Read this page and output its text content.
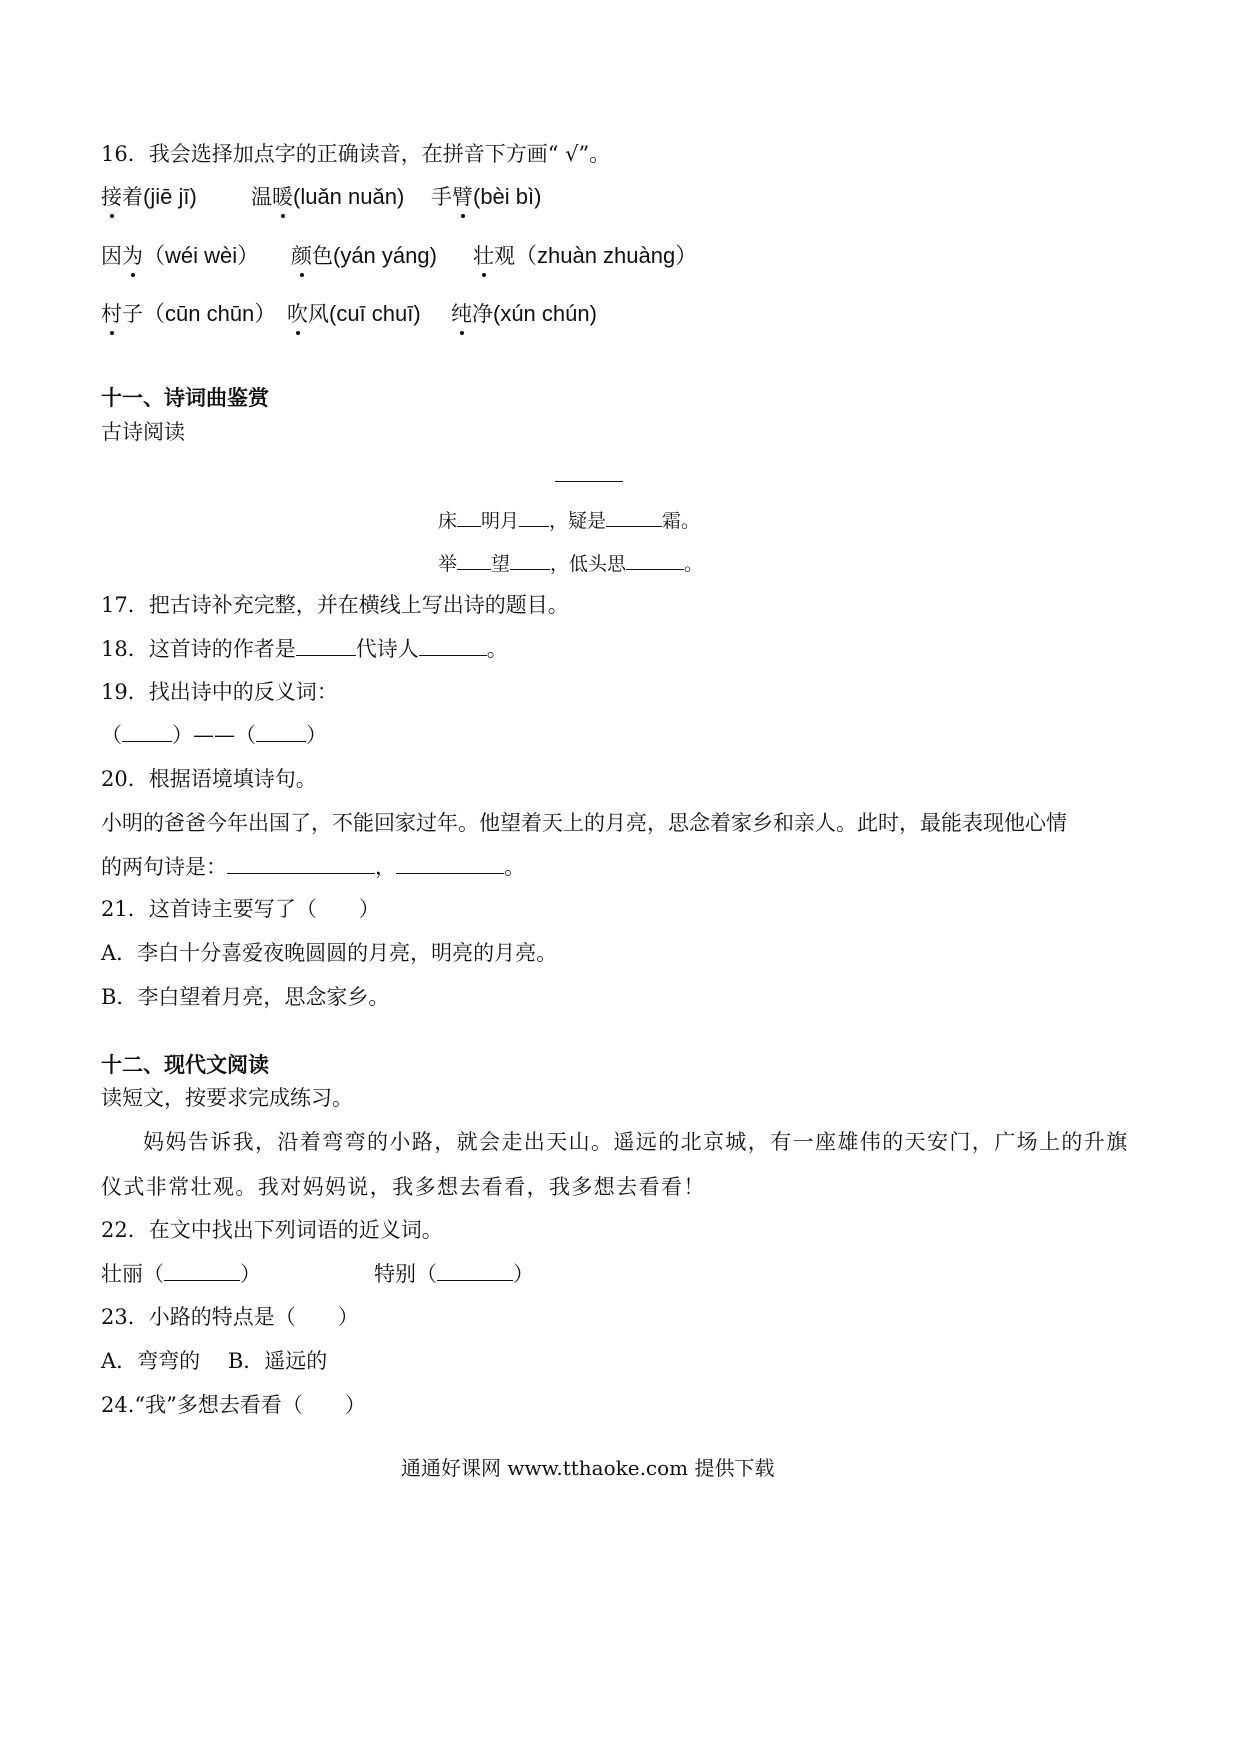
16．我会选择加点字的正确读音，在拼音下方画“ √”。
接着(jiē jī)	温暖(luǎn nuǎn) 手臂(bèi bì)
因为（wéi wèi） 颜色(yán yáng) 壮观（zhuàn zhuàng）
村子（cūn chūn） 吹风(cuī chuī) 纯净(xún chún)
十一、诗词曲鉴赏
古诗阅读
床 明月 ，疑是	霜。
举 望 ，低头思	。
17．把古诗补充完整，并在横线上写出诗的题目。
18．这首诗的作者是	代诗人	。
19．找出诗中的反义词：
（ ）——（ ）
20．根据语境填诗句。
小明的爸爸今年出国了，不能回家过年。他望着天上的月亮，思念着家乡和亲人。此时，最能表现他心情
的两句诗是：	，	。
21．这首诗主要写了（　　）
A．李白十分喜爱夜晚圆圆的月亮，明亮的月亮。
B．李白望着月亮，思念家乡。
十二、现代文阅读
读短文，按要求完成练习。
妈妈告诉我，沿着弯弯的小路，就会走出天山。遥远的北京城，有一座雄伟的天安门，广场上的升旗
仪式非常壮观。我对妈妈说，我多想去看看，我多想去看看！
22．在文中找出下列词语的近义词。
壮丽（	）	特别（	）
23．小路的特点是（　　）
A．弯弯的　 B．遥远的
24.“我”多想去看看（　　）
通通好课网 www.tthaoke.com 提供下载
